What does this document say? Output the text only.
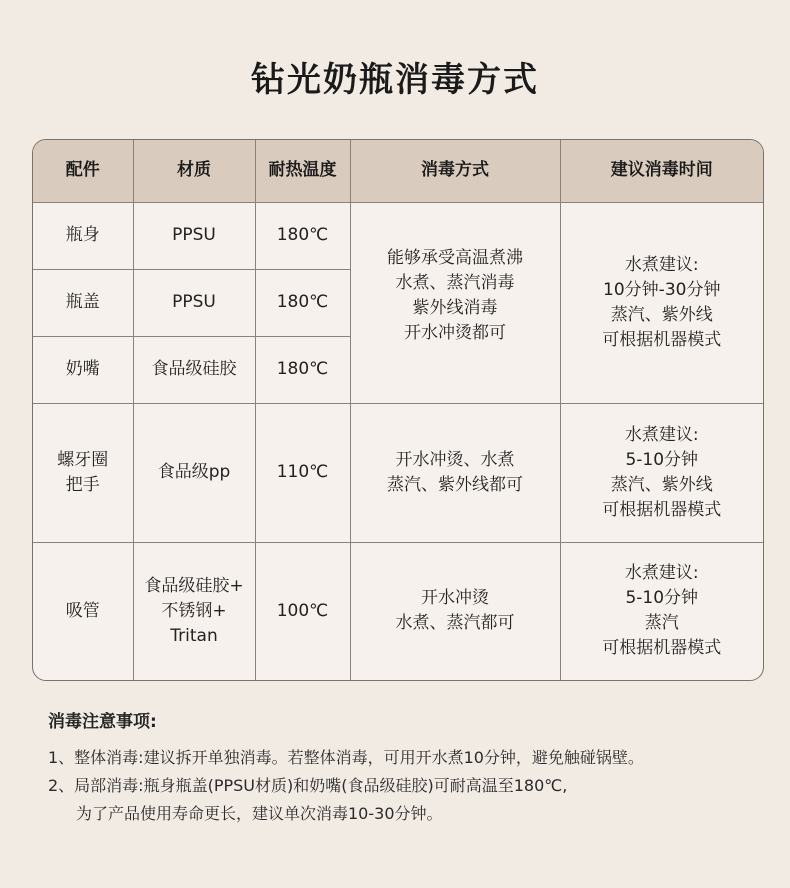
钻光奶瓶消毒方式
配件	材质	耐热温度	消毒方式	建议消毒时间

瓶身	PPSU	180℃	能够承受高温煮沸
水煮、蒸汽消毒
紫外线消毒
开水冲烫都可	水煮建议:
10分钟-30分钟
蒸汽、紫外线
可根据机器模式

瓶盖	PPSU	180℃		

奶嘴	食品级硅胶	180℃		

螺牙圈
把手	食品级pp	110℃	开水冲烫、水煮
蒸汽、紫外线都可	水煮建议:
5-10分钟
蒸汽、紫外线
可根据机器模式

吸管	食品级硅胶+
不锈钢+
Tritan	100℃	开水冲烫
水煮、蒸汽都可	水煮建议:
5-10分钟
蒸汽
可根据机器模式
消毒注意事项:
1、整体消毒:建议拆开单独消毒。若整体消毒，可用开水煮10分钟，避免触碰锅壁。
2、局部消毒:瓶身瓶盖(PPSU材质)和奶嘴(食品级硅胶)可耐高温至180℃,
为了产品使用寿命更长，建议单次消毒10-30分钟。
